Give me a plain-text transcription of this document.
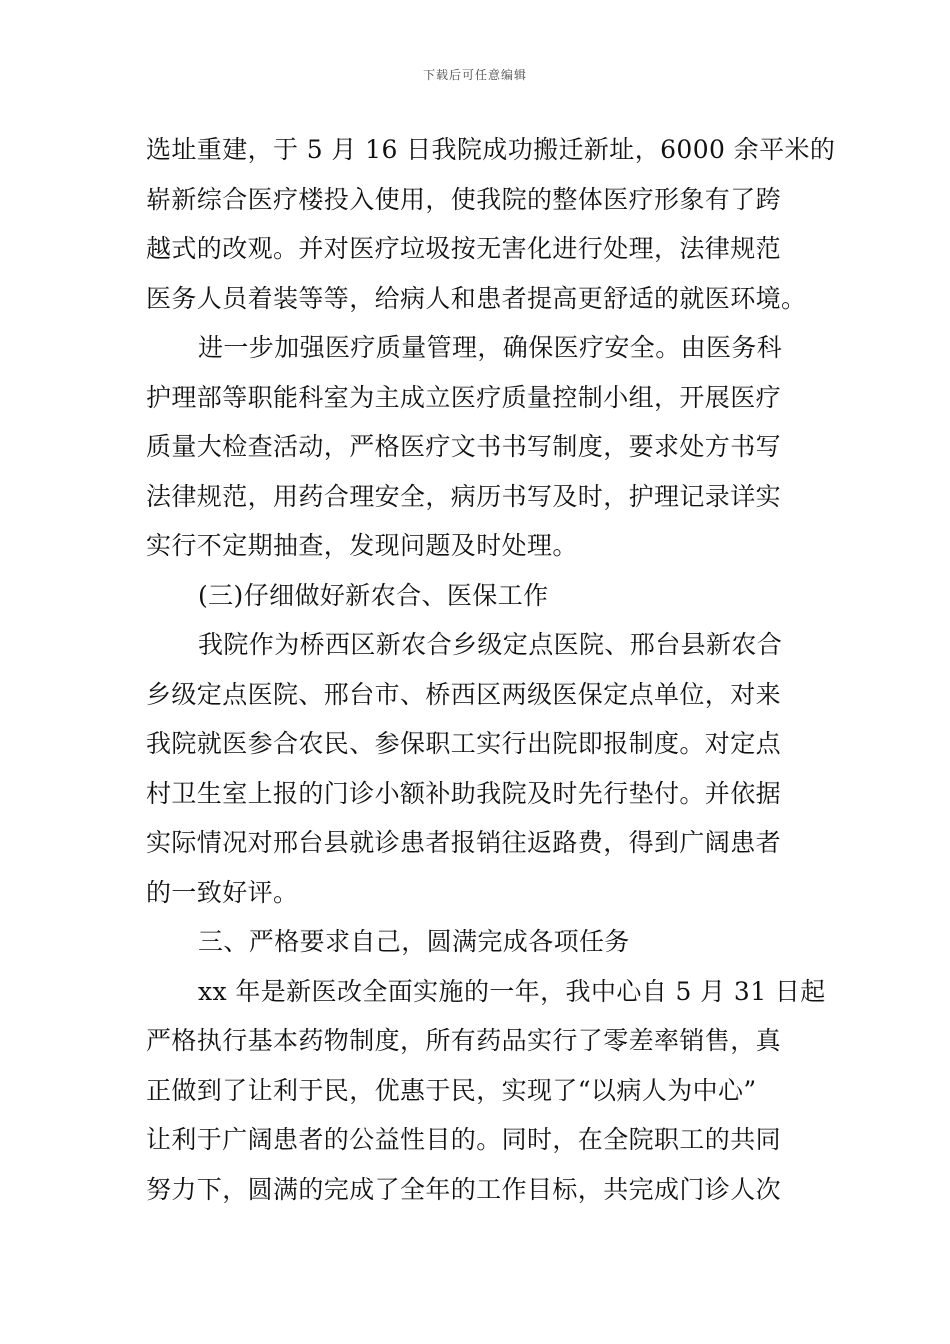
下载后可任意编辑
选址重建，于 5 月 16 日我院成功搬迁新址，6000 余平米的
崭新综合医疗楼投入使用，使我院的整体医疗形象有了跨
越式的改观。并对医疗垃圾按无害化进行处理，法律规范
医务人员着装等等，给病人和患者提高更舒适的就医环境。
进一步加强医疗质量管理，确保医疗安全。由医务科
护理部等职能科室为主成立医疗质量控制小组，开展医疗
质量大检查活动，严格医疗文书书写制度，要求处方书写
法律规范，用药合理安全，病历书写及时，护理记录详实
实行不定期抽查，发现问题及时处理。
(三)仔细做好新农合、医保工作
我院作为桥西区新农合乡级定点医院、邢台县新农合
乡级定点医院、邢台市、桥西区两级医保定点单位，对来
我院就医参合农民、参保职工实行出院即报制度。对定点
村卫生室上报的门诊小额补助我院及时先行垫付。并依据
实际情况对邢台县就诊患者报销往返路费，得到广阔患者
的一致好评。
三、严格要求自己，圆满完成各项任务
xx 年是新医改全面实施的一年，我中心自 5 月 31 日起
严格执行基本药物制度，所有药品实行了零差率销售，真
正做到了让利于民，优惠于民，实现了“以病人为中心”
让利于广阔患者的公益性目的。同时，在全院职工的共同
努力下，圆满的完成了全年的工作目标，共完成门诊人次
